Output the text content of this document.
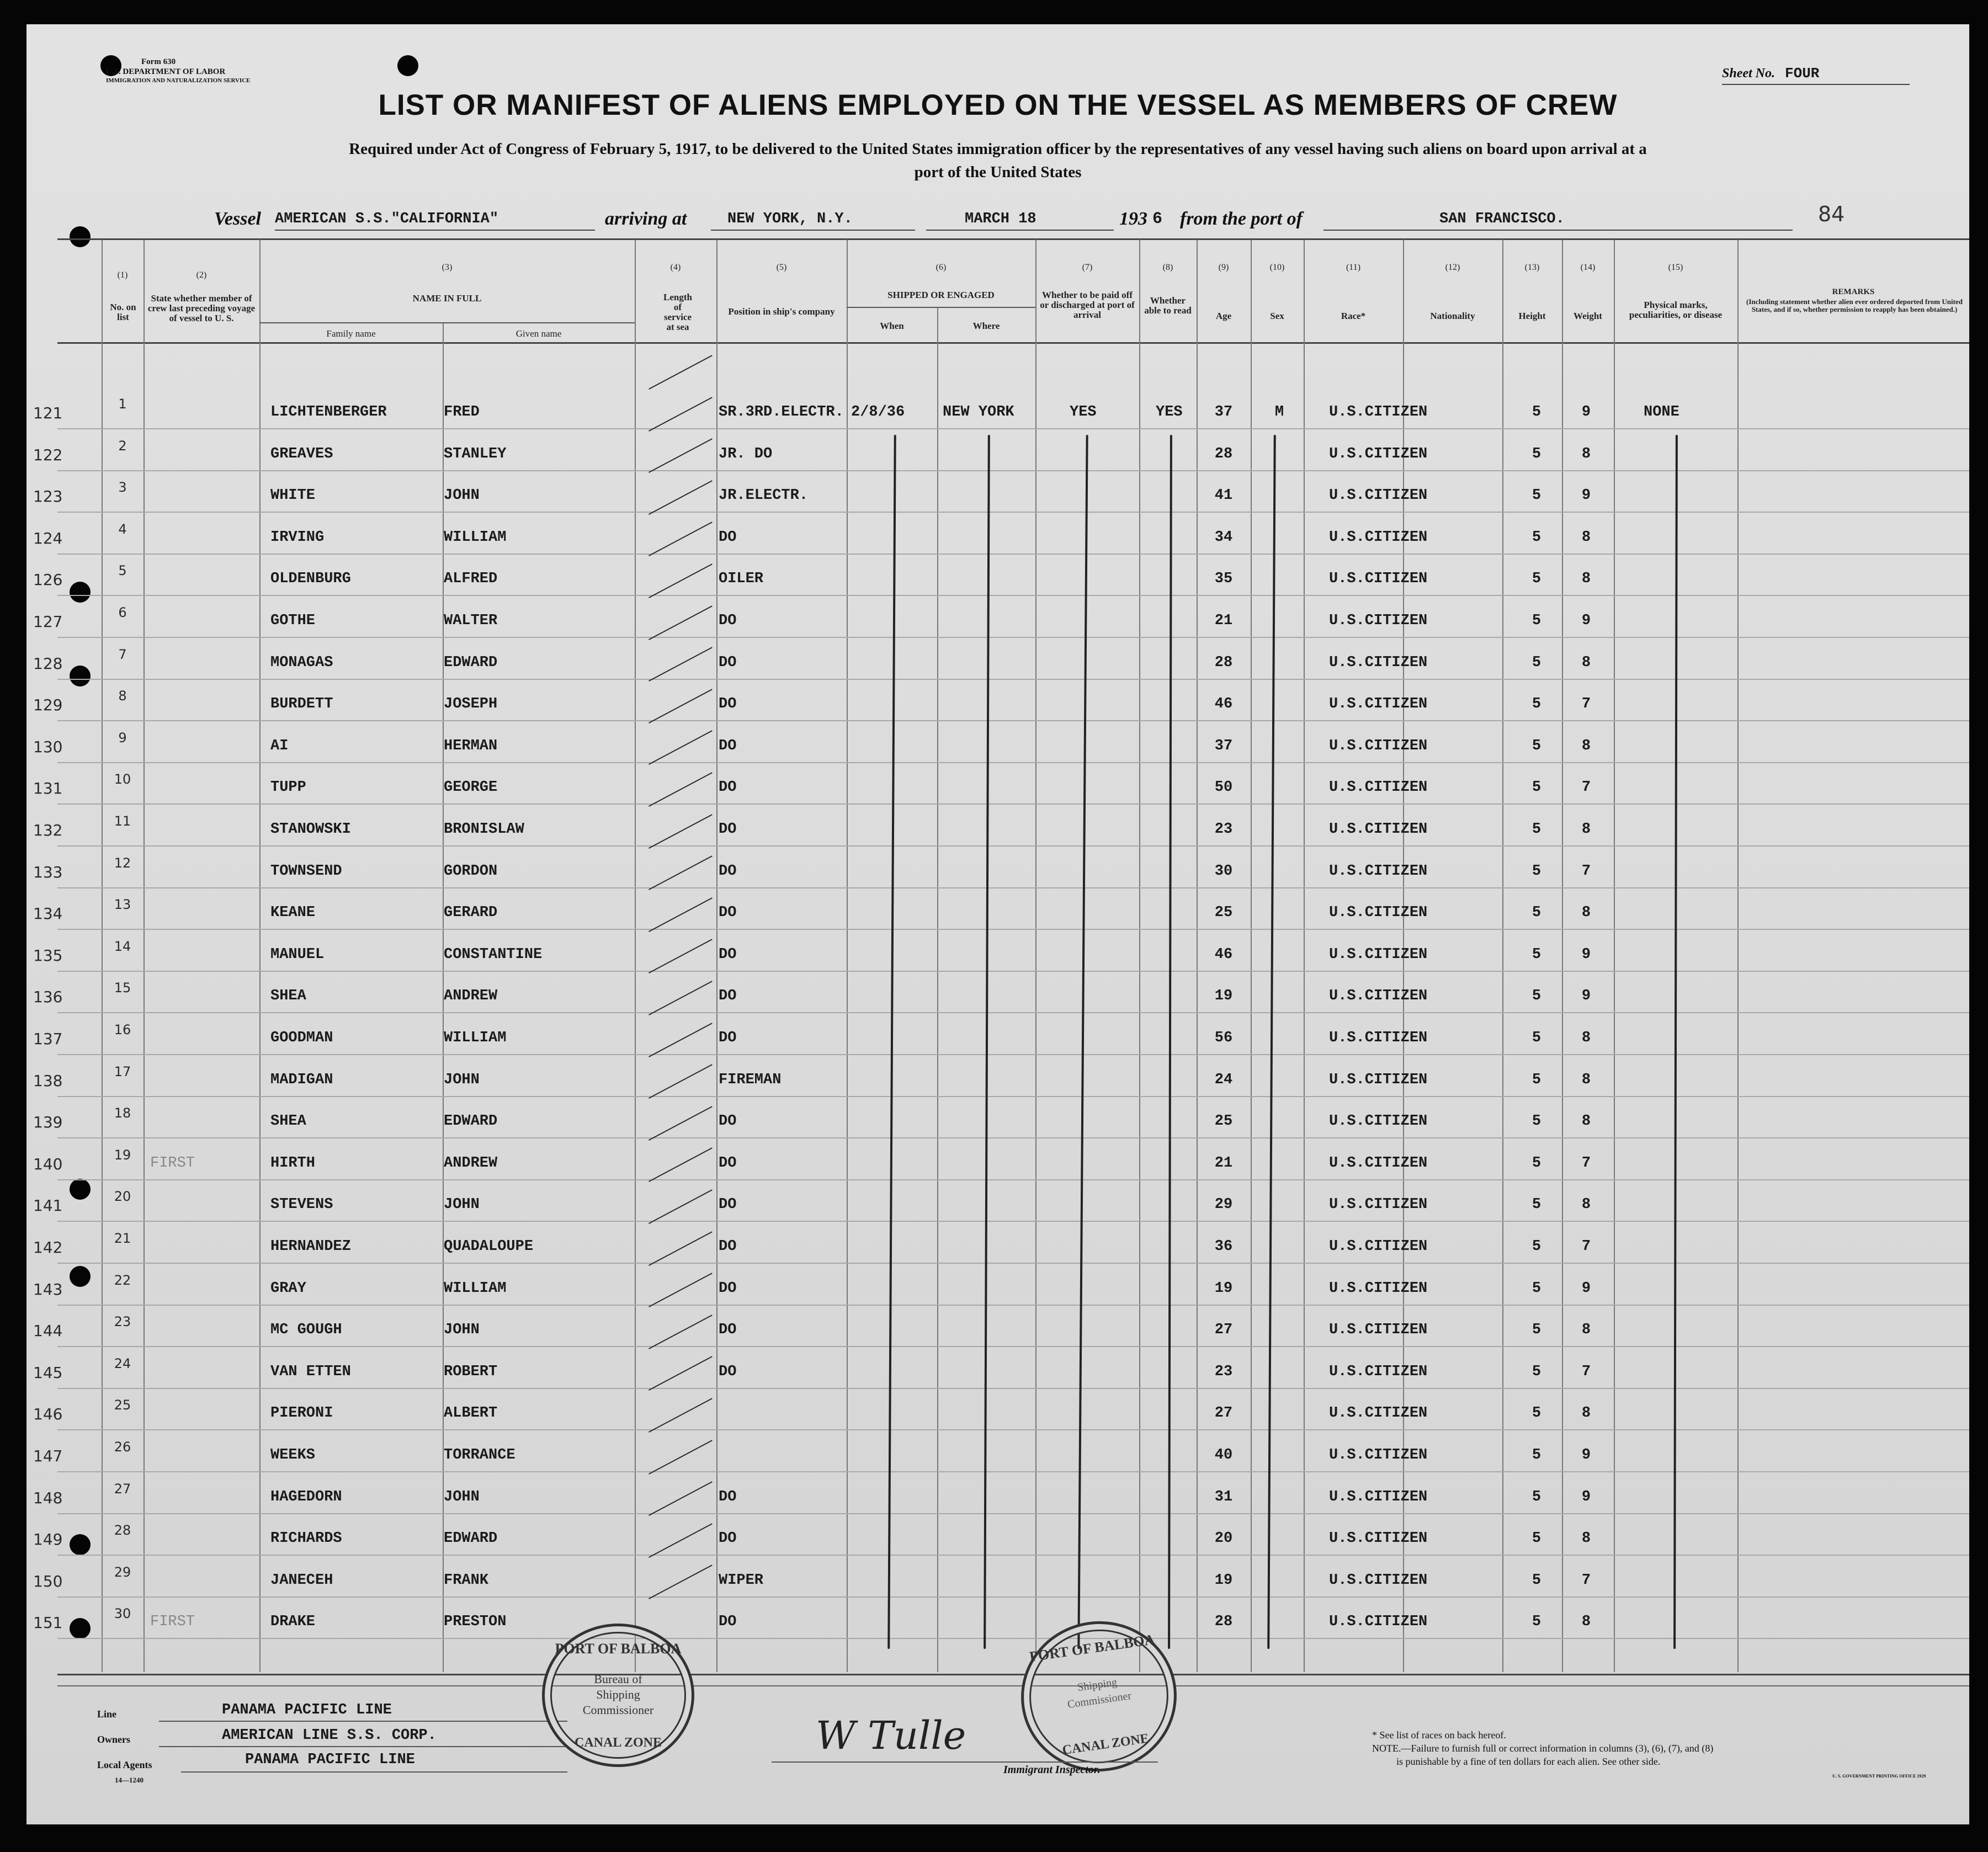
Form 630
U.S. DEPARTMENT OF LABOR
IMMIGRATION AND NATURALIZATION SERVICE	Sheet No. FOUR
LIST OR MANIFEST OF ALIENS EMPLOYED ON THE VESSEL AS MEMBERS OF CREW
Required under Act of Congress of February 5, 1917, to be delivered to the United States immigration officer by the representatives of any vessel having such aliens on board upon arrival at a
port of the United States
Vessel AMERICAN S.S."CALIFORNIA"	arriving at	NEW YORK, N.Y.	MARCH 18	193 6 from the port of	SAN FRANCISCO.	84
(1)
No. on list
(2)
State whether member of crew last preceding voyage of vessel to U. S.
(3)
NAME IN FULL
Family name	Given name
(4)
Length of service at sea
(5)
Position in ship's company
(6)
SHIPPED OR ENGAGED
When	Where
(7)
Whether to be paid off or discharged at port of arrival
(8)
Whether able to read
(9)
Age
(10)
Sex
(11)
Race*
(12)
Nationality
(13)
Height
(14)
Weight
(15)
Physical marks, peculiarities, or disease
REMARKS
(Including statement whether alien ever ordered deported from United States, and if so, whether permission to reapply has been obtained.)
121	1	LICHTENBERGER	FRED	SR.3RD.ELECTR. 2/8/36	NEW YORK	YES	YES	37	M	U.S.CITIZEN	5	9	NONE
122	2	GREAVES	STANLEY	JR. DO	28	U.S.CITIZEN	5	8
123	3	WHITE	JOHN	JR.ELECTR.	41	U.S.CITIZEN	5	9
124	4	IRVING	WILLIAM	DO	34	U.S.CITIZEN	5	8
126	5	OLDENBURG	ALFRED	OILER	35	U.S.CITIZEN	5	8
127	6	GOTHE	WALTER	DO	21	U.S.CITIZEN	5	9
128	7	MONAGAS	EDWARD	DO	28	U.S.CITIZEN	5	8
129	8	BURDETT	JOSEPH	DO	46	U.S.CITIZEN	5	7
130	9	AI	HERMAN	DO	37	U.S.CITIZEN	5	8
131	10	TUPP	GEORGE	DO	50	U.S.CITIZEN	5	7
132	11	STANOWSKI	BRONISLAW	DO	23	U.S.CITIZEN	5	8
133	12	TOWNSEND	GORDON	DO	30	U.S.CITIZEN	5	7
134	13	KEANE	GERARD	DO	25	U.S.CITIZEN	5	8
135	14	MANUEL	CONSTANTINE	DO	46	U.S.CITIZEN	5	9
136	15	SHEA	ANDREW	DO	19	U.S.CITIZEN	5	9
137	16	GOODMAN	WILLIAM	DO	56	U.S.CITIZEN	5	8
138	17	MADIGAN	JOHN	FIREMAN	24	U.S.CITIZEN	5	8
139	18	SHEA	EDWARD	DO	25	U.S.CITIZEN	5	8
140	19	FIRST	HIRTH	ANDREW	DO	21	U.S.CITIZEN	5	7
141	20	STEVENS	JOHN	DO	29	U.S.CITIZEN	5	8
142	21	HERNANDEZ	QUADALOUPE	DO	36	U.S.CITIZEN	5	7
143	22	GRAY	WILLIAM	DO	19	U.S.CITIZEN	5	9
144	23	MC GOUGH	JOHN	DO	27	U.S.CITIZEN	5	8
145	24	VAN ETTEN	ROBERT	DO	23	U.S.CITIZEN	5	7
146	25	PIERONI	ALBERT	27	U.S.CITIZEN	5	8
147	26	WEEKS	TORRANCE	40	U.S.CITIZEN	5	9
148	27	HAGEDORN	JOHN	DO	31	U.S.CITIZEN	5	9
149	28	RICHARDS	EDWARD	DO	20	U.S.CITIZEN	5	8
150	29	JANECEH	FRANK	WIPER	19	U.S.CITIZEN	5	7
151	30	FIRST	DRAKE	PRESTON	DO	28	U.S.CITIZEN	5	8
Line	PANAMA PACIFIC LINE
Owners	AMERICAN LINE S.S. CORP.
Local Agents	PANAMA PACIFIC LINE
14—1240
PORT OF BALBOA
Bureau of Shipping Commissioner
CANAL ZONE
PORT OF BALBOA
Shipping Commissioner
CANAL ZONE
W Tulle
Immigrant Inspector.
* See list of races on back hereof.
NOTE.—Failure to furnish full or correct information in columns (3), (6), (7), and (8)
is punishable by a fine of ten dollars for each alien. See other side.
U. S. GOVERNMENT PRINTING OFFICE 1929
